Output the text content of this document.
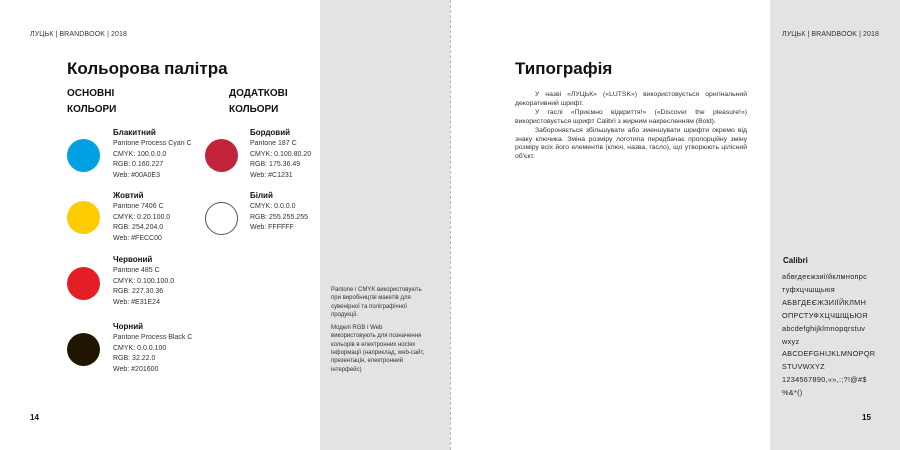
ЛУЦЬК | BRANDBOOK | 2018	ЛУЦЬК | BRANDBOOK | 2018
Кольорова палітра
ОСНОВНІ
КОЛЬОРИ
ДОДАТКОВІ
КОЛЬОРИ
Блакитний
Pantone Process Cyan C
CMYK: 100.0.0.0
RGB: 0.160.227
Web: #00A0E3
Жовтий
Pantone 7406 C
CMYK: 0.20.100.0
RGB: 254.204.0
Web: #FECC00
Червоний
Pantone 485 C
CMYK: 0.100.100.0
RGB: 227.30.36
Web: #E31E24
Чорний
Pantone Process Black C
CMYK: 0.0.0.100
RGB: 32.22.0
Web: #201600
Бордовий
Pantone 187 C
CMYK: 0.100.80.20
RGB: 175.36.49
Web: #C1231
Білий
CMYK: 0.0.0.0
RGB: 255.255.255
Web: FFFFFF

Pantone і CMYK використовують при виробництві макетів для сувенірної та поліграфічної продукції.

Моделі RGB і Web використовують для позначення кольорів в електронних носіях інформації (наприклад, web-сайт, презентація, електронний інтерфейс)

14
Типографія

У назві «ЛУЦЬК» («LUTSK») використовується оригінальний декоративний шрифт.

У гаслі «Приємно відкриття!» («Discover the pleasure!») використовується шрифт Calibri з жирним накресленням (Bold).

Забороняється збільшувати або зменшувати шрифти окремо від знаку ключика. Зміна розміру логотипа передбачає пропорційну зміну розміру всіх його елементів (ключ, назва, гасло), що утворюють цілісний об'єкт.

Calibri
абвгдеєжзиіїйклмнопрс
туфхцчшщьюя
АБВГДЕЄЖЗИІЇЙКЛМН
ОПРСТУФХЦЧШЩЬЮЯ
abcdefghijklmnopqrstuv
wxyz
ABCDEFGHIJKLMNOPQR
STUVWXYZ
1234567890,«»,:;?!@#$
%&*()
15
